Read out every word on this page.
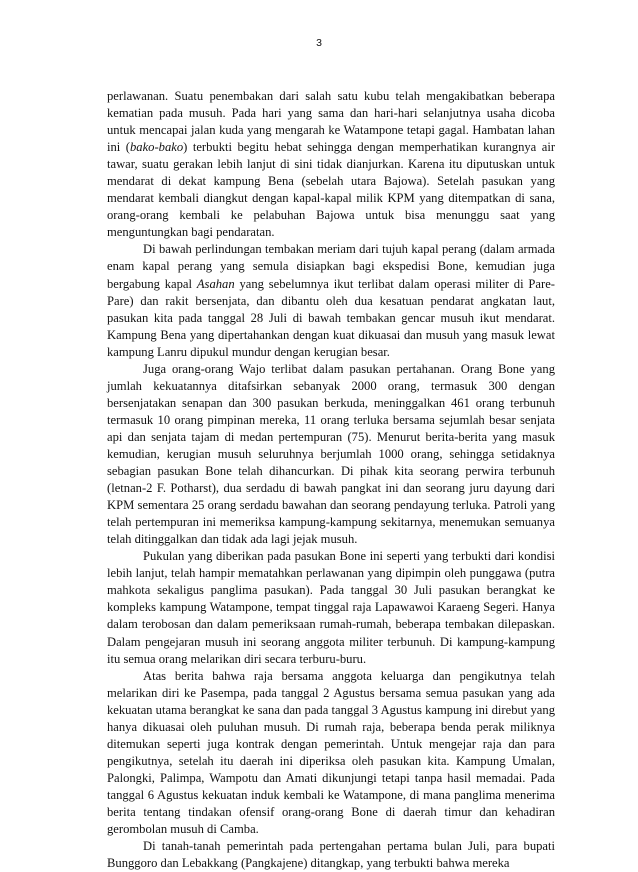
3

perlawanan. Suatu penembakan dari salah satu kubu telah mengakibatkan beberapa kematian pada musuh. Pada hari yang sama dan hari-hari selanjutnya usaha dicoba untuk mencapai jalan kuda yang mengarah ke Watampone tetapi gagal. Hambatan lahan ini (bako-bako) terbukti begitu hebat sehingga dengan memperhatikan kurangnya air tawar, suatu gerakan lebih lanjut di sini tidak dianjurkan. Karena itu diputuskan untuk mendarat di dekat kampung Bena (sebelah utara Bajowa). Setelah pasukan yang mendarat kembali diangkut dengan kapal-kapal milik KPM yang ditempatkan di sana, orang-orang kembali ke pelabuhan Bajowa untuk bisa menunggu saat yang menguntungkan bagi pendaratan.

Di bawah perlindungan tembakan meriam dari tujuh kapal perang (dalam armada enam kapal perang yang semula disiapkan bagi ekspedisi Bone, kemudian juga bergabung kapal Asahan yang sebelumnya ikut terlibat dalam operasi militer di Pare-Pare) dan rakit bersenjata, dan dibantu oleh dua kesatuan pendarat angkatan laut, pasukan kita pada tanggal 28 Juli di bawah tembakan gencar musuh ikut mendarat. Kampung Bena yang dipertahankan dengan kuat dikuasai dan musuh yang masuk lewat kampung Lanru dipukul mundur dengan kerugian besar.

Juga orang-orang Wajo terlibat dalam pasukan pertahanan. Orang Bone yang jumlah kekuatannya ditafsirkan sebanyak 2000 orang, termasuk 300 dengan bersenjatakan senapan dan 300 pasukan berkuda, meninggalkan 461 orang terbunuh termasuk 10 orang pimpinan mereka, 11 orang terluka bersama sejumlah besar senjata api dan senjata tajam di medan pertempuran (75). Menurut berita-berita yang masuk kemudian, kerugian musuh seluruhnya berjumlah 1000 orang, sehingga setidaknya sebagian pasukan Bone telah dihancurkan. Di pihak kita seorang perwira terbunuh (letnan-2 F. Potharst), dua serdadu di bawah pangkat ini dan seorang juru dayung dari KPM sementara 25 orang serdadu bawahan dan seorang pendayung terluka. Patroli yang telah pertempuran ini memeriksa kampung-kampung sekitarnya, menemukan semuanya telah ditinggalkan dan tidak ada lagi jejak musuh.

Pukulan yang diberikan pada pasukan Bone ini seperti yang terbukti dari kondisi lebih lanjut, telah hampir mematahkan perlawanan yang dipimpin oleh punggawa (putra mahkota sekaligus panglima pasukan). Pada tanggal 30 Juli pasukan berangkat ke kompleks kampung Watampone, tempat tinggal raja Lapawawoi Karaeng Segeri. Hanya dalam terobosan dan dalam pemeriksaan rumah-rumah, beberapa tembakan dilepaskan. Dalam pengejaran musuh ini seorang anggota militer terbunuh. Di kampung-kampung itu semua orang melarikan diri secara terburu-buru.

Atas berita bahwa raja bersama anggota keluarga dan pengikutnya telah melarikan diri ke Pasempa, pada tanggal 2 Agustus bersama semua pasukan yang ada kekuatan utama berangkat ke sana dan pada tanggal 3 Agustus kampung ini direbut yang hanya dikuasai oleh puluhan musuh. Di rumah raja, beberapa benda perak miliknya ditemukan seperti juga kontrak dengan pemerintah. Untuk mengejar raja dan para pengikutnya, setelah itu daerah ini diperiksa oleh pasukan kita. Kampung Umalan, Palongki, Palimpa, Wampotu dan Amati dikunjungi tetapi tanpa hasil memadai. Pada tanggal 6 Agustus kekuatan induk kembali ke Watampone, di mana panglima menerima berita tentang tindakan ofensif orang-orang Bone di daerah timur dan kehadiran gerombolan musuh di Camba.

Di tanah-tanah pemerintah pada pertengahan pertama bulan Juli, para bupati Bunggoro dan Lebakkang (Pangkajene) ditangkap, yang terbukti bahwa mereka
